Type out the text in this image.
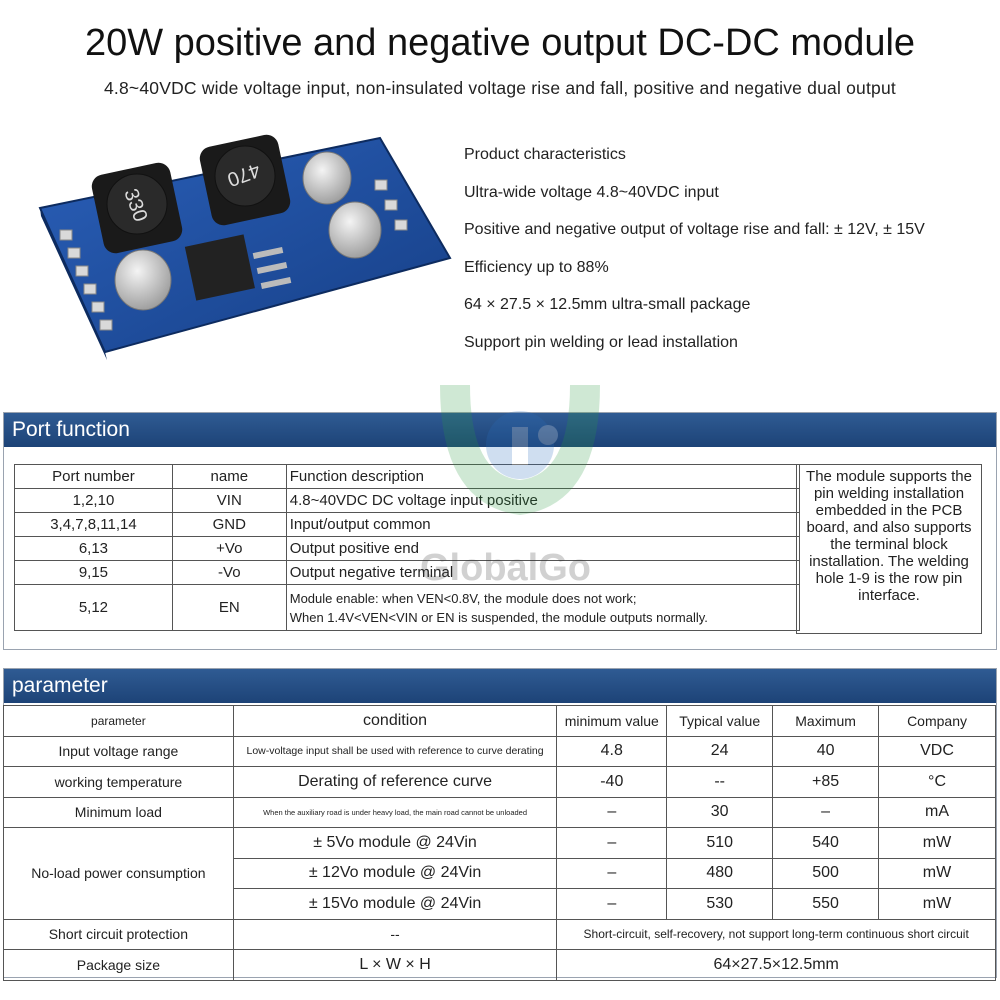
20W positive and negative output DC-DC module
4.8~40VDC wide voltage input, non-insulated voltage rise and fall, positive and negative dual output
VIN
GND
EN
330
470
Product characteristics
Ultra-wide voltage 4.8~40VDC input
Positive and negative output of voltage rise and fall: ± 12V, ± 15V
Efficiency up to 88%
64 × 27.5 × 12.5mm ultra-small package
Support pin welding or lead installation
Port function
Port number	name	Function description
1,2,10	VIN	4.8~40VDC DC voltage input positive
3,4,7,8,11,14	GND	Input/output common
6,13	+Vo	Output positive end
9,15	-Vo	Output negative terminal
5,12	EN	Module enable: when VEN<0.8V, the module does not work;
When 1.4V<VEN<VIN or EN is suspended, the module outputs normally.
The module supports the pin welding installation embedded in the PCB board, and also supports the terminal block installation. The welding hole 1-9 is the row pin interface.
GlobalGo
parameter
parameter	condition	minimum value	Typical value	Maximum	Company
Input voltage range	Low-voltage input shall be used with reference to curve derating	4.8	24	40	VDC
working temperature	Derating of reference curve	-40	--	+85	°C
Minimum load	When the auxiliary road is under heavy load, the main road cannot be unloaded	–	30	–	mA
No-load power consumption	± 5Vo module @ 24Vin	–	510	540	mW
	± 12Vo module @ 24Vin	–	480	500	mW
	± 15Vo module @ 24Vin	–	530	550	mW
Short circuit protection	--	Short-circuit, self-recovery, not support long-term continuous short circuit			
Package size	L × W × H	64×27.5×12.5mm			
